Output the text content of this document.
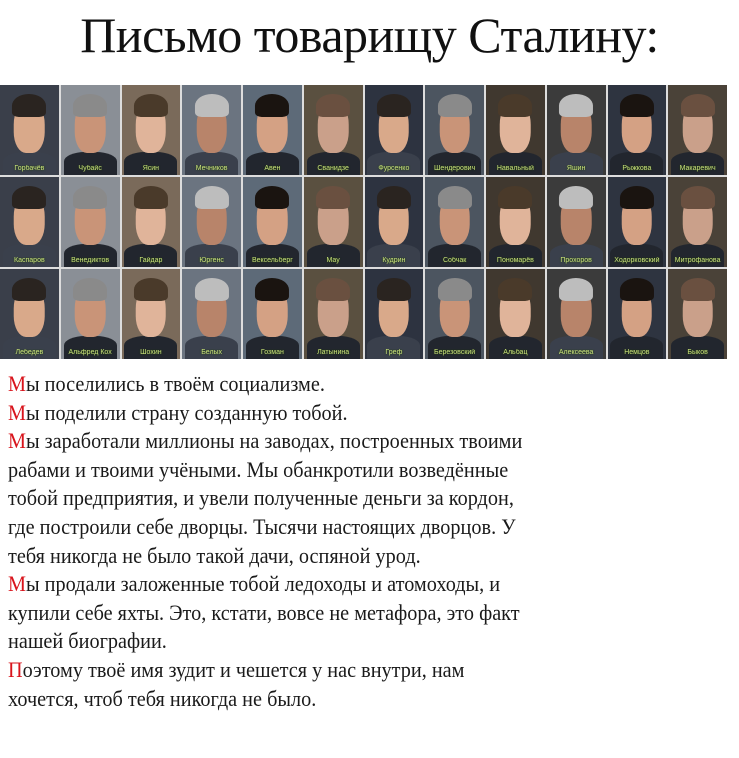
Письмо товарищу Сталину:
Горбачёв	Чубайс	Ясин	Мечников	Авен	Сванидзе	Фурсенко	Шендерович	Навальный	Яшин	Рыжкова	Макаревич
Каспаров	Венедиктов	Гайдар	Юргенс	Вексельберг	Мау	Кудрин	Собчак	Пономарёв	Прохоров	Ходорковский	Митрофанова
Лебедев	Альфред Кох	Шохин	Белых	Гозман	Латынина	Греф	Березовский	Альбац	Алексеева	Немцов	Быков
Мы поселились в твоём социализме.
Мы поделили страну созданную тобой.
Мы заработали миллионы на заводах, построенных твоими
рабами и твоими учёными. Мы обанкротили возведённые
тобой предприятия, и увели полученные деньги за кордон,
где построили себе дворцы. Тысячи настоящих дворцов. У
тебя никогда не было такой дачи, оспяной урод.
Мы продали заложенные тобой ледоходы и атомоходы, и
купили себе яхты. Это, кстати, вовсе не метафора, это факт
нашей биографии.
Поэтому твоё имя зудит и чешется у нас внутри, нам
хочется, чтоб тебя никогда не было.
